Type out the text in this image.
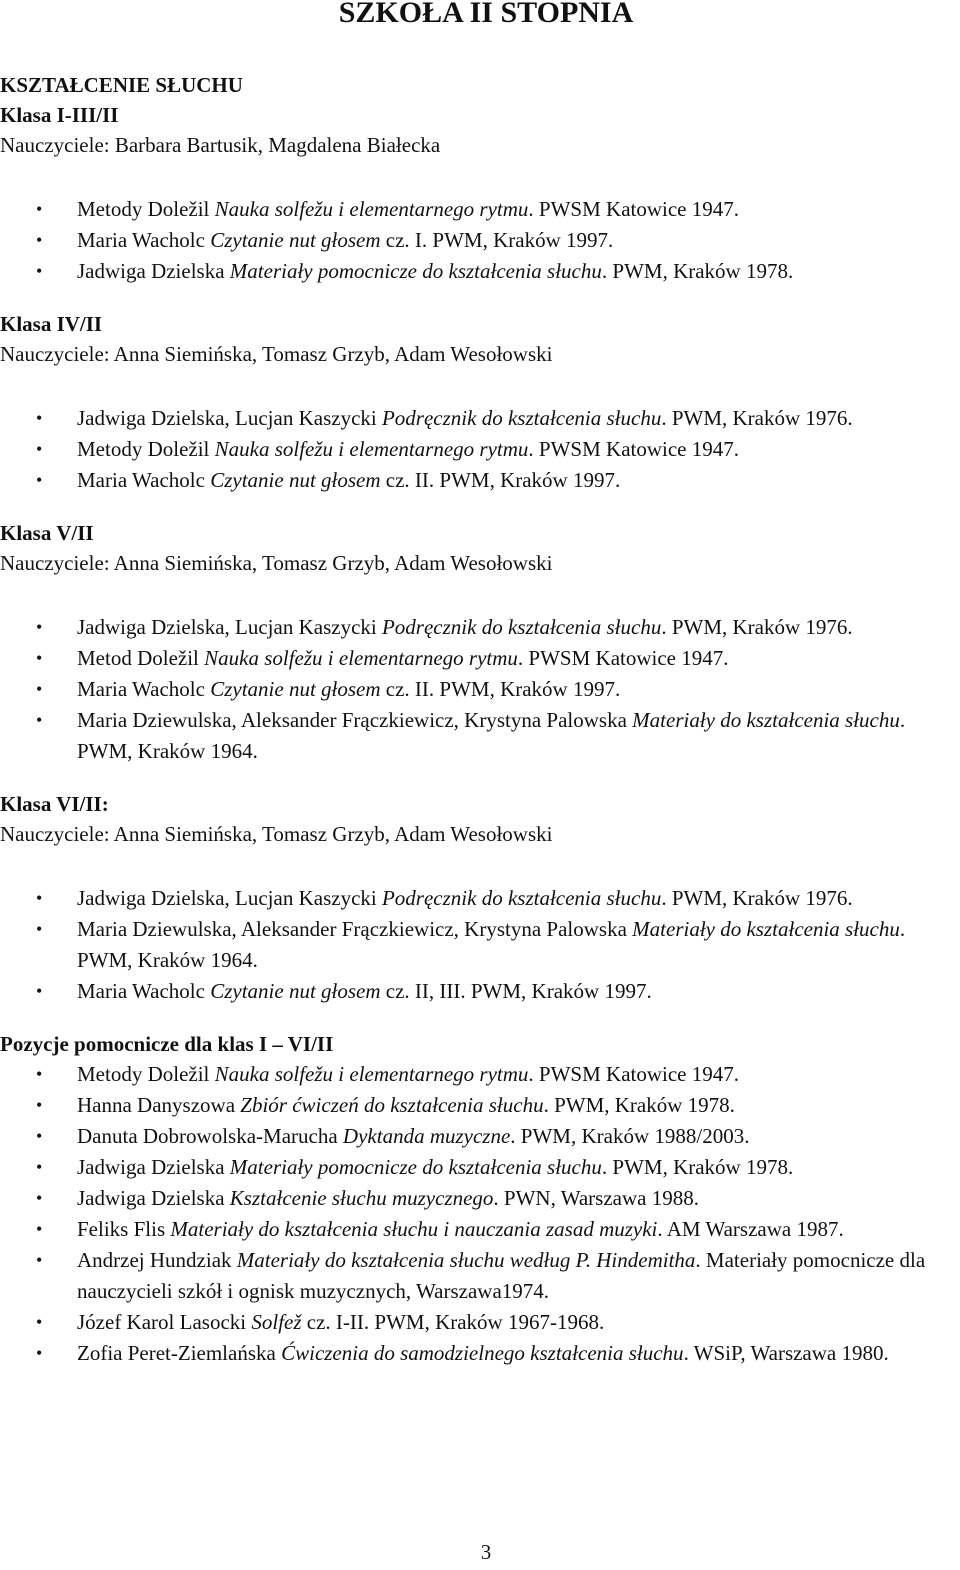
SZKOŁA II STOPNIA

KSZTAŁCENIE SŁUCHU

Klasa I-III/II

Nauczyciele: Barbara Bartusik, Magdalena Białecka

• Metody Doležil Nauka solfežu i elementarnego rytmu. PWSM Katowice 1947.
• Maria Wacholc Czytanie nut głosem cz. I. PWM, Kraków 1997.
• Jadwiga Dzielska Materiały pomocnicze do kształcenia słuchu. PWM, Kraków 1978.

Klasa IV/II

Nauczyciele: Anna Siemińska, Tomasz Grzyb, Adam Wesołowski

• Jadwiga Dzielska, Lucjan Kaszycki Podręcznik do kształcenia słuchu. PWM, Kraków 1976.
• Metody Doležil Nauka solfežu i elementarnego rytmu. PWSM Katowice 1947.
• Maria Wacholc Czytanie nut głosem cz. II. PWM, Kraków 1997.

Klasa V/II

Nauczyciele: Anna Siemińska, Tomasz Grzyb, Adam Wesołowski

• Jadwiga Dzielska, Lucjan Kaszycki Podręcznik do kształcenia słuchu. PWM, Kraków 1976.
• Metod Doležil Nauka solfežu i elementarnego rytmu. PWSM Katowice 1947.
• Maria Wacholc Czytanie nut głosem cz. II. PWM, Kraków 1997.
• Maria Dziewulska, Aleksander Frączkiewicz, Krystyna Palowska Materiały do kształcenia słuchu. PWM, Kraków 1964.

Klasa VI/II:

Nauczyciele: Anna Siemińska, Tomasz Grzyb, Adam Wesołowski

• Jadwiga Dzielska, Lucjan Kaszycki Podręcznik do kształcenia słuchu. PWM, Kraków 1976.
• Maria Dziewulska, Aleksander Frączkiewicz, Krystyna Palowska Materiały do kształcenia słuchu. PWM, Kraków 1964.
• Maria Wacholc Czytanie nut głosem cz. II, III. PWM, Kraków 1997.

Pozycje pomocnicze dla klas I – VI/II

• Metody Doležil Nauka solfežu i elementarnego rytmu. PWSM Katowice 1947.
• Hanna Danyszowa Zbiór ćwiczeń do kształcenia słuchu. PWM, Kraków 1978.
• Danuta Dobrowolska-Marucha Dyktanda muzyczne. PWM, Kraków 1988/2003.
• Jadwiga Dzielska Materiały pomocnicze do kształcenia słuchu. PWM, Kraków 1978.
• Jadwiga Dzielska Kształcenie słuchu muzycznego. PWN, Warszawa 1988.
• Feliks Flis Materiały do kształcenia słuchu i nauczania zasad muzyki. AM Warszawa 1987.
• Andrzej Hundziak Materiały do kształcenia słuchu według P. Hindemitha. Materiały pomocnicze dla nauczycieli szkół i ognisk muzycznych, Warszawa1974.
• Józef Karol Lasocki Solfež cz. I-II. PWM, Kraków 1967-1968.
• Zofia Peret-Ziemlańska Ćwiczenia do samodzielnego kształcenia słuchu. WSiP, Warszawa 1980.
3
